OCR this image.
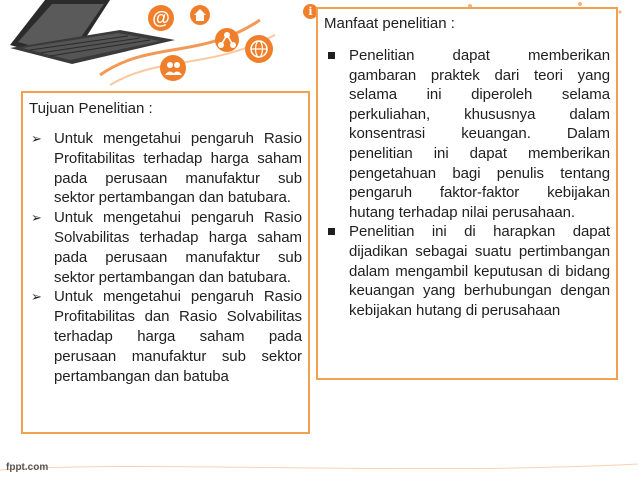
@	i
Tujuan Penelitian :
➢ Untuk mengetahui pengaruh Rasio Profitabilitas terhadap harga saham pada perusaan manufaktur sub sektor pertambangan dan batubara.
➢ Untuk mengetahui pengaruh Rasio Solvabilitas terhadap harga saham pada perusaan manufaktur sub sektor pertambangan dan batubara.
➢ Untuk mengetahui pengaruh Rasio Profitabilitas dan Rasio Solvabilitas terhadap harga saham pada perusaan manufaktur sub sektor pertambangan dan batuba
Manfaat penelitian :
Penelitian dapat memberikan gambaran praktek dari teori yang selama ini diperoleh selama perkuliahan, khususnya dalam konsentrasi keuangan. Dalam penelitian ini dapat memberikan pengetahuan bagi penulis tentang pengaruh faktor-faktor kebijakan hutang terhadap nilai perusahaan.
Penelitian ini di harapkan dapat dijadikan sebagai suatu pertimbangan dalam mengambil keputusan di bidang keuangan yang berhubungan dengan kebijakan hutang di perusahaan
fppt.com
